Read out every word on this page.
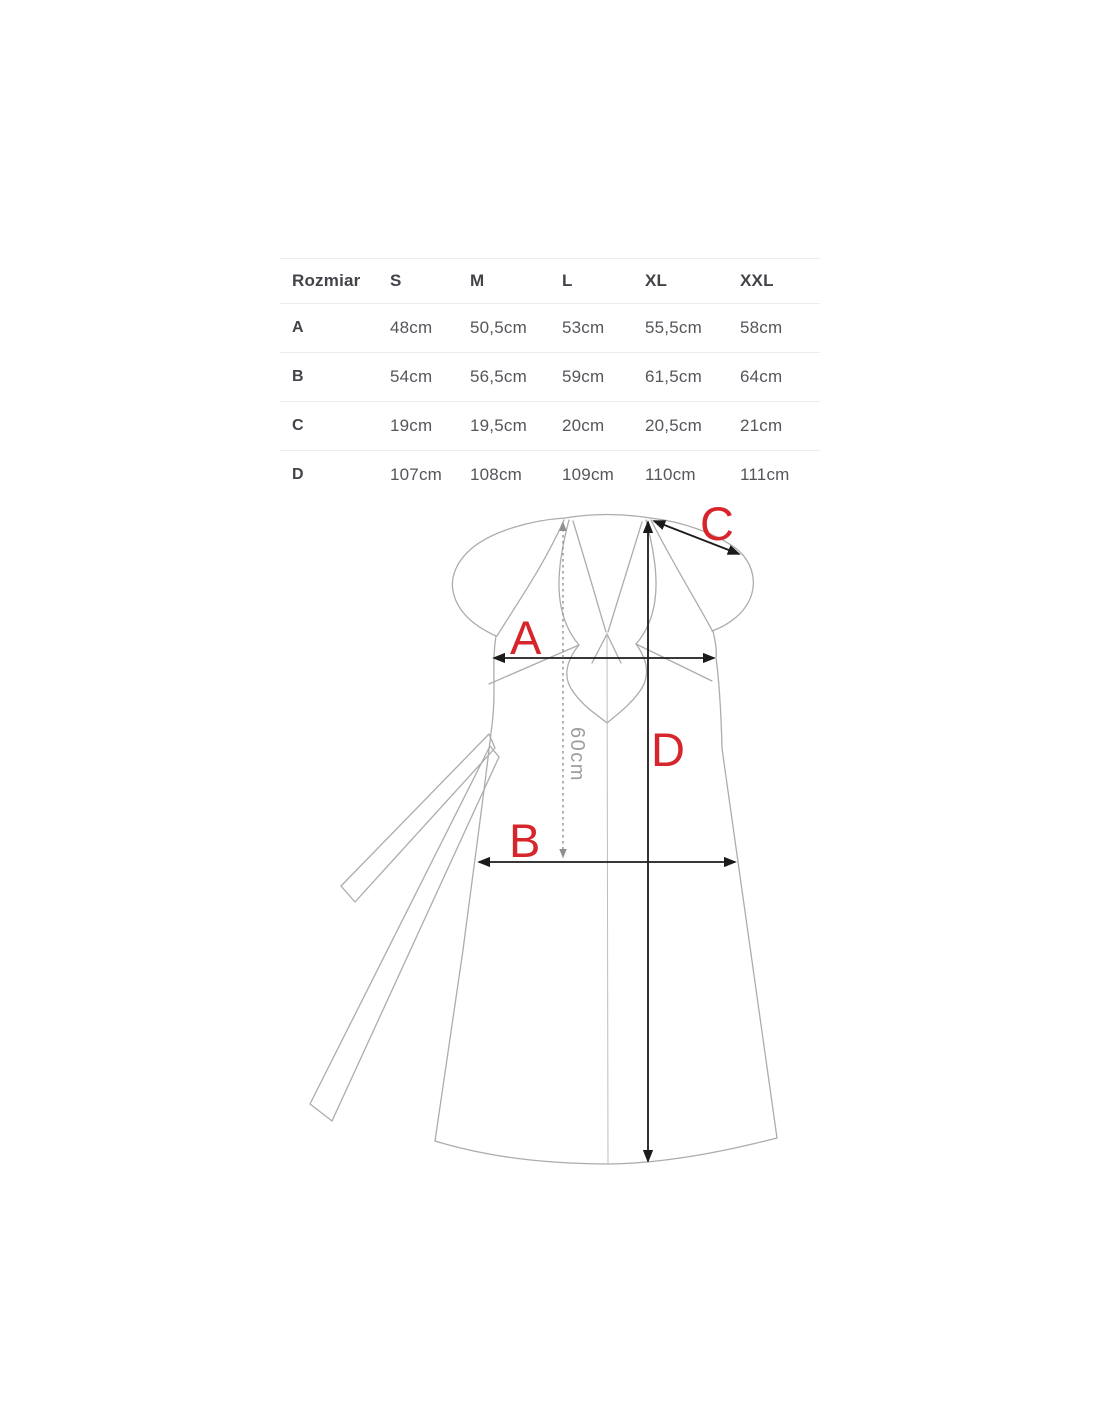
Rozmiar	S	M	L	XL	XXL
A	48cm	50,5cm	53cm	55,5cm	58cm
B	54cm	56,5cm	59cm	61,5cm	64cm
C	19cm	19,5cm	20cm	20,5cm	21cm
D	107cm	108cm	109cm	110cm	111cm
A
B
C
D
60cm
